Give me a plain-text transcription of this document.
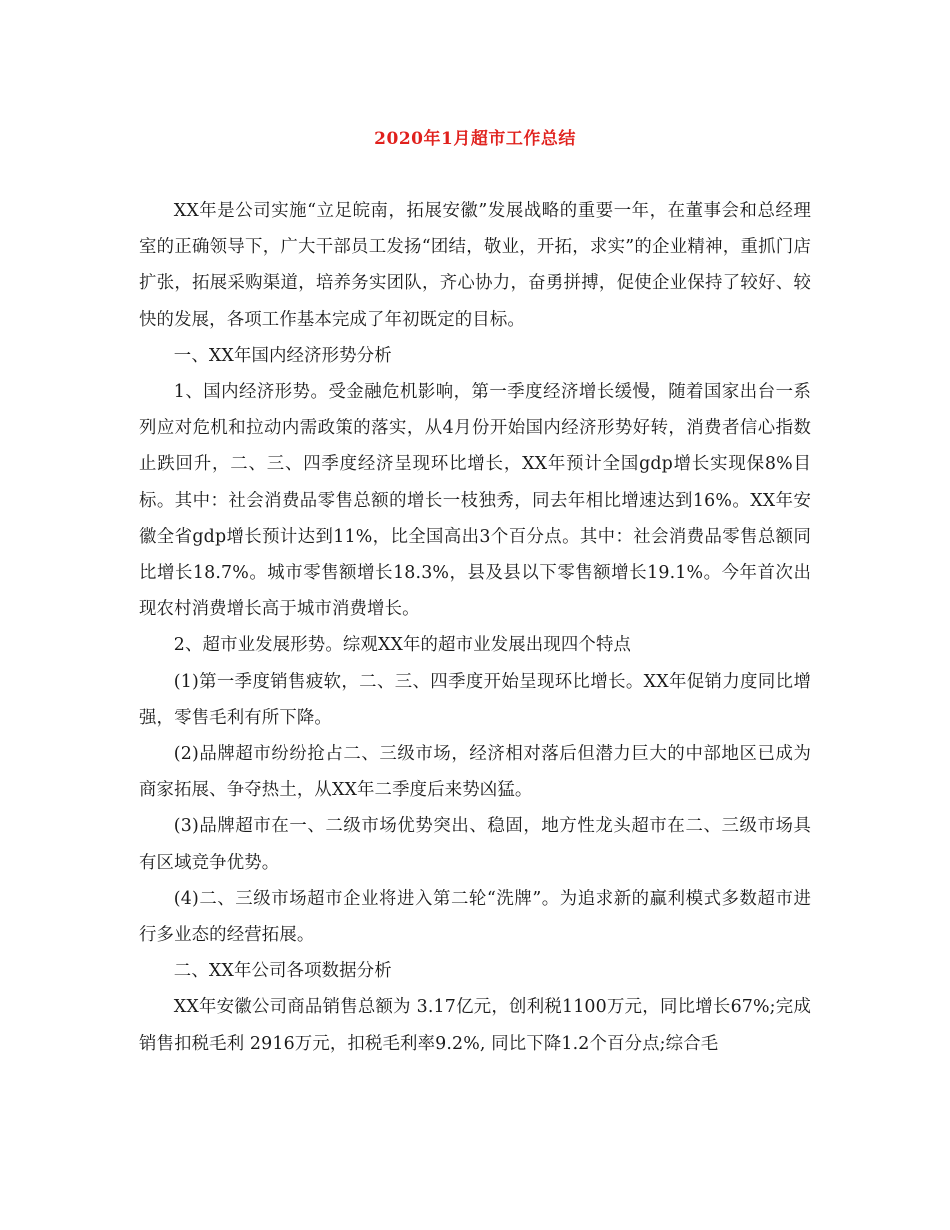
2020年1月超市工作总结

XX年是公司实施“立足皖南，拓展安徽”发展战略的重要一年，在董事会和总经理室的正确领导下，广大干部员工发扬“团结，敬业，开拓，求实”的企业精神，重抓门店扩张，拓展采购渠道，培养务实团队，齐心协力，奋勇拼搏，促使企业保持了较好、较快的发展，各项工作基本完成了年初既定的目标。

一、XX年国内经济形势分析

1、国内经济形势。受金融危机影响，第一季度经济增长缓慢，随着国家出台一系列应对危机和拉动内需政策的落实，从4月份开始国内经济形势好转，消费者信心指数止跌回升，二、三、四季度经济呈现环比增长，XX年预计全国gdp增长实现保8%目标。其中：社会消费品零售总额的增长一枝独秀，同去年相比增速达到16%。XX年安徽全省gdp增长预计达到11%，比全国高出3个百分点。其中：社会消费品零售总额同比增长18.7%。城市零售额增长18.3%，县及县以下零售额增长19.1%。今年首次出现农村消费增长高于城市消费增长。

2、超市业发展形势。综观XX年的超市业发展出现四个特点

(1)第一季度销售疲软，二、三、四季度开始呈现环比增长。XX年促销力度同比增强，零售毛利有所下降。

(2)品牌超市纷纷抢占二、三级市场，经济相对落后但潜力巨大的中部地区已成为商家拓展、争夺热土，从XX年二季度后来势凶猛。

(3)品牌超市在一、二级市场优势突出、稳固，地方性龙头超市在二、三级市场具有区域竞争优势。

(4)二、三级市场超市企业将进入第二轮“洗牌”。为追求新的赢利模式多数超市进行多业态的经营拓展。

二、XX年公司各项数据分析

XX年安徽公司商品销售总额为 3.17亿元，创利税1100万元，同比增长67%;完成销售扣税毛利 2916万元，扣税毛利率9.2%, 同比下降1.2个百分点;综合毛
